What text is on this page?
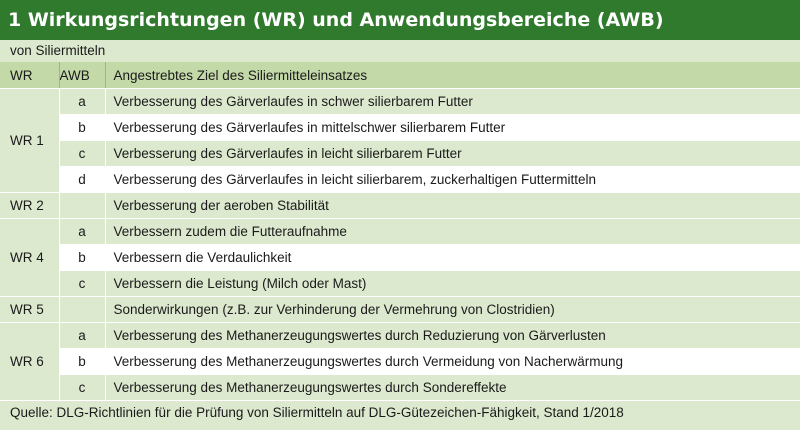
1 Wirkungsrichtungen (WR) und Anwendungsbereiche (AWB)
von Siliermitteln
WR	AWB	Angestrebtes Ziel des Siliermitteleinsatzes
WR 1	a	Verbesserung des Gärverlaufes in schwer silierbarem Futter
	b	Verbesserung des Gärverlaufes in mittelschwer silierbarem Futter
	c	Verbesserung des Gärverlaufes in leicht silierbarem Futter
	d	Verbesserung des Gärverlaufes in leicht silierbarem, zuckerhaltigen Futtermitteln
WR 2		Verbesserung der aeroben Stabilität
WR 4	a	Verbessern zudem die Futteraufnahme
	b	Verbessern die Verdaulichkeit
	c	Verbessern die Leistung (Milch oder Mast)
WR 5		Sonderwirkungen (z.B. zur Verhinderung der Vermehrung von Clostridien)
WR 6	a	Verbesserung des Methanerzeugungswertes durch Reduzierung von Gärverlusten
	b	Verbesserung des Methanerzeugungswertes durch Vermeidung von Nacherwärmung
	c	Verbesserung des Methanerzeugungswertes durch Sondereffekte
Quelle: DLG-Richtlinien für die Prüfung von Siliermitteln auf DLG-Gütezeichen-Fähigkeit, Stand 1/2018
